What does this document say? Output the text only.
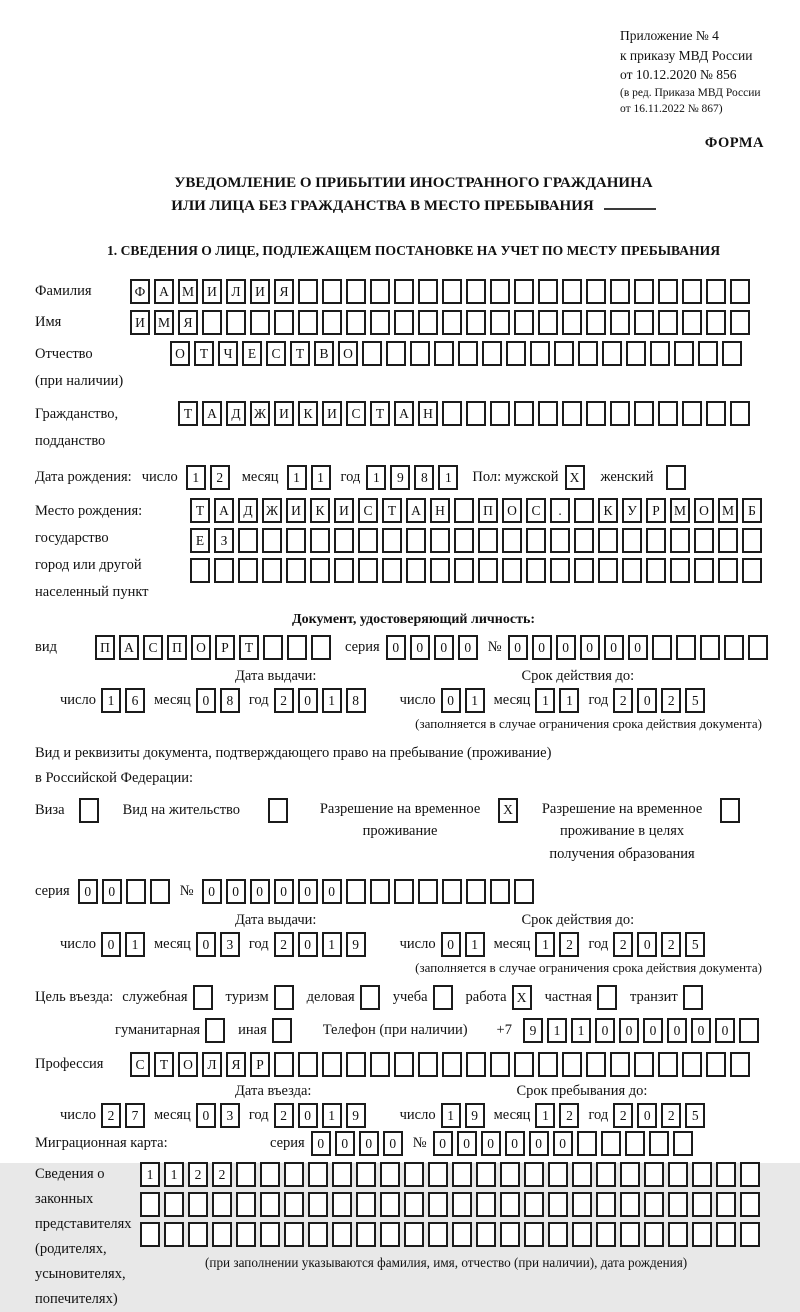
Приложение № 4
к приказу МВД России
от 10.12.2020 № 856
(в ред. Приказа МВД России
от 16.11.2022 № 867)
ФОРМА
УВЕДОМЛЕНИЕ О ПРИБЫТИИ ИНОСТРАННОГО ГРАЖДАНИНА
ИЛИ ЛИЦА БЕЗ ГРАЖДАНСТВА В МЕСТО ПРЕБЫВАНИЯ
1. СВЕДЕНИЯ О ЛИЦЕ, ПОДЛЕЖАЩЕМ ПОСТАНОВКЕ НА УЧЕТ ПО МЕСТУ ПРЕБЫВАНИЯ
Фамилия	Ф	А М И	Л	И	Я
Имя	И М Я
Отчество
(при наличии)
О	Т	Ч	Е	С	Т	В	О
Гражданство,
подданство
Т	А	Д Ж И	К	И	С	Т	А	Н
Дата рождения: число	1	2	месяц	1	1	год 1	9	8	1	Пол: мужской X	женский
Место рождения:
государство
город или другой
населенный пункт
Т	А	Д Ж И	К	И	С	Т	А	Н	П	О	С	.	К	У	Р	М О М	Б
Е	З
Документ, удостоверяющий личность:
вид	П	А	С	П	О	Р	Т	серия 0	0	0	0	№ 0	0	0	0	0	0
Дата выдачи:	Срок действия до:
число 1	6	месяц 0	8	год 2	0	1	8	число 0	1	месяц 1	1	год 2	0	2	5
(заполняется в случае ограничения срока действия документа)
Вид и реквизиты документа, подтверждающего право на пребывание (проживание)
в Российской Федерации:
Виза	Вид на жительство	Разрешение на временное проживание
X	Разрешение на временное проживание в целях получения образования
серия	0	0	№	0	0	0	0	0	0
Дата выдачи:	Срок действия до:
число 0	1	месяц 0	3	год 2	0	1	9	число 0	1	месяц 1	2	год 2	0	2	5
(заполняется в случае ограничения срока действия документа)
Цель въезда: служебная	туризм	деловая	учеба	работа X	частная	транзит
гуманитарная	иная	Телефон (при наличии) +7	9	1	1	0	0	0	0	0	0
Профессия	С	Т	О	Л	Я	Р
Дата въезда:	Срок пребывания до:
число 2	7	месяц 0	3	год 2	0	1	9	число 1	9	месяц 1	2	год 2	0	2	5
Миграционная карта:	серия 0	0	0	0	№ 0	0	0	0	0	0
Сведения о
законных
представителях
(родителях,
усыновителях,
попечителях)
1	1	2	2
(при заполнении указываются фамилия, имя, отчество (при наличии), дата рождения)
